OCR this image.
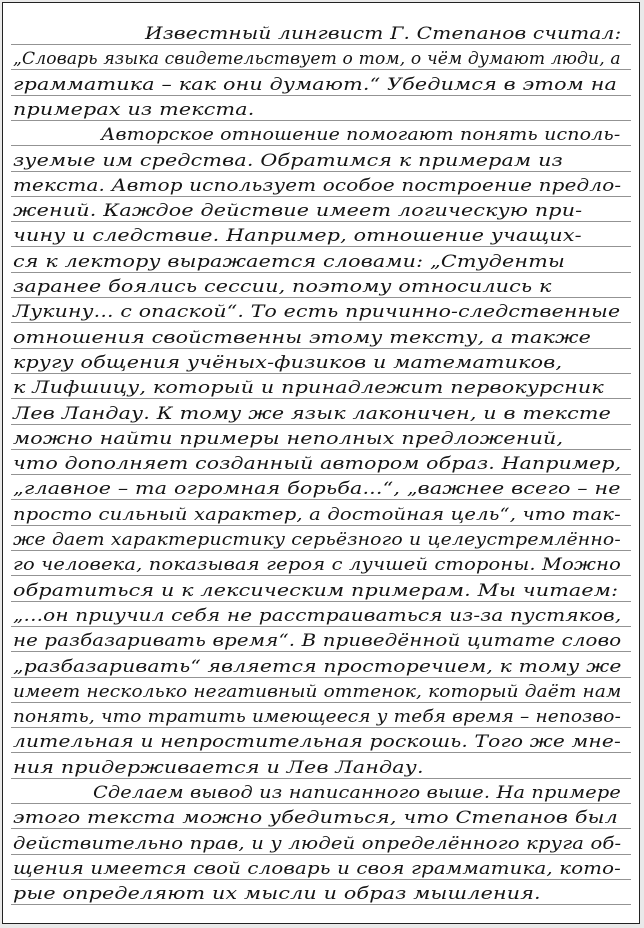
Известный лингвист Г. Степанов считал:
„Словарь языка свидетельствует о том, о чём думают люди, а
грамматика – как они думают.“ Убедимся в этом на
примерах из текста.
Авторское отношение помогают понять исполь-
зуемые им средства. Обратимся к примерам из
текста. Автор использует особое построение предло-
жений. Каждое действие имеет логическую при-
чину и следствие. Например, отношение учащих-
ся к лектору выражается словами: „Студенты
заранее боялись сессии, поэтому относились к
Лукину... с опаской“. То есть причинно-следственные
отношения свойственны этому тексту, а также
кругу общения учёных-физиков и математиков,
к Лифшицу, который и принадлежит первокурсник
Лев Ландау. К тому же язык лаконичен, и в тексте
можно найти примеры неполных предложений,
что дополняет созданный автором образ. Например,
„главное – та огромная борьба...“, „важнее всего – не
просто сильный характер, а достойная цель“, что так-
же дает характеристику серьёзного и целеустремлённо-
го человека, показывая героя с лучшей стороны. Можно
обратиться и к лексическим примерам. Мы читаем:
„...он приучил себя не расстраиваться из-за пустяков,
не разбазаривать время“. В приведённой цитате слово
„разбазаривать“ является просторечием, к тому же
имеет несколько негативный оттенок, который даёт нам
понять, что тратить имеющееся у тебя время – непозво-
лительная и непростительная роскошь. Того же мне-
ния придерживается и Лев Ландау.
Сделаем вывод из написанного выше. На примере
этого текста можно убедиться, что Степанов был
действительно прав, и у людей определённого круга об-
щения имеется свой словарь и своя грамматика, кото-
рые определяют их мысли и образ мышления.
